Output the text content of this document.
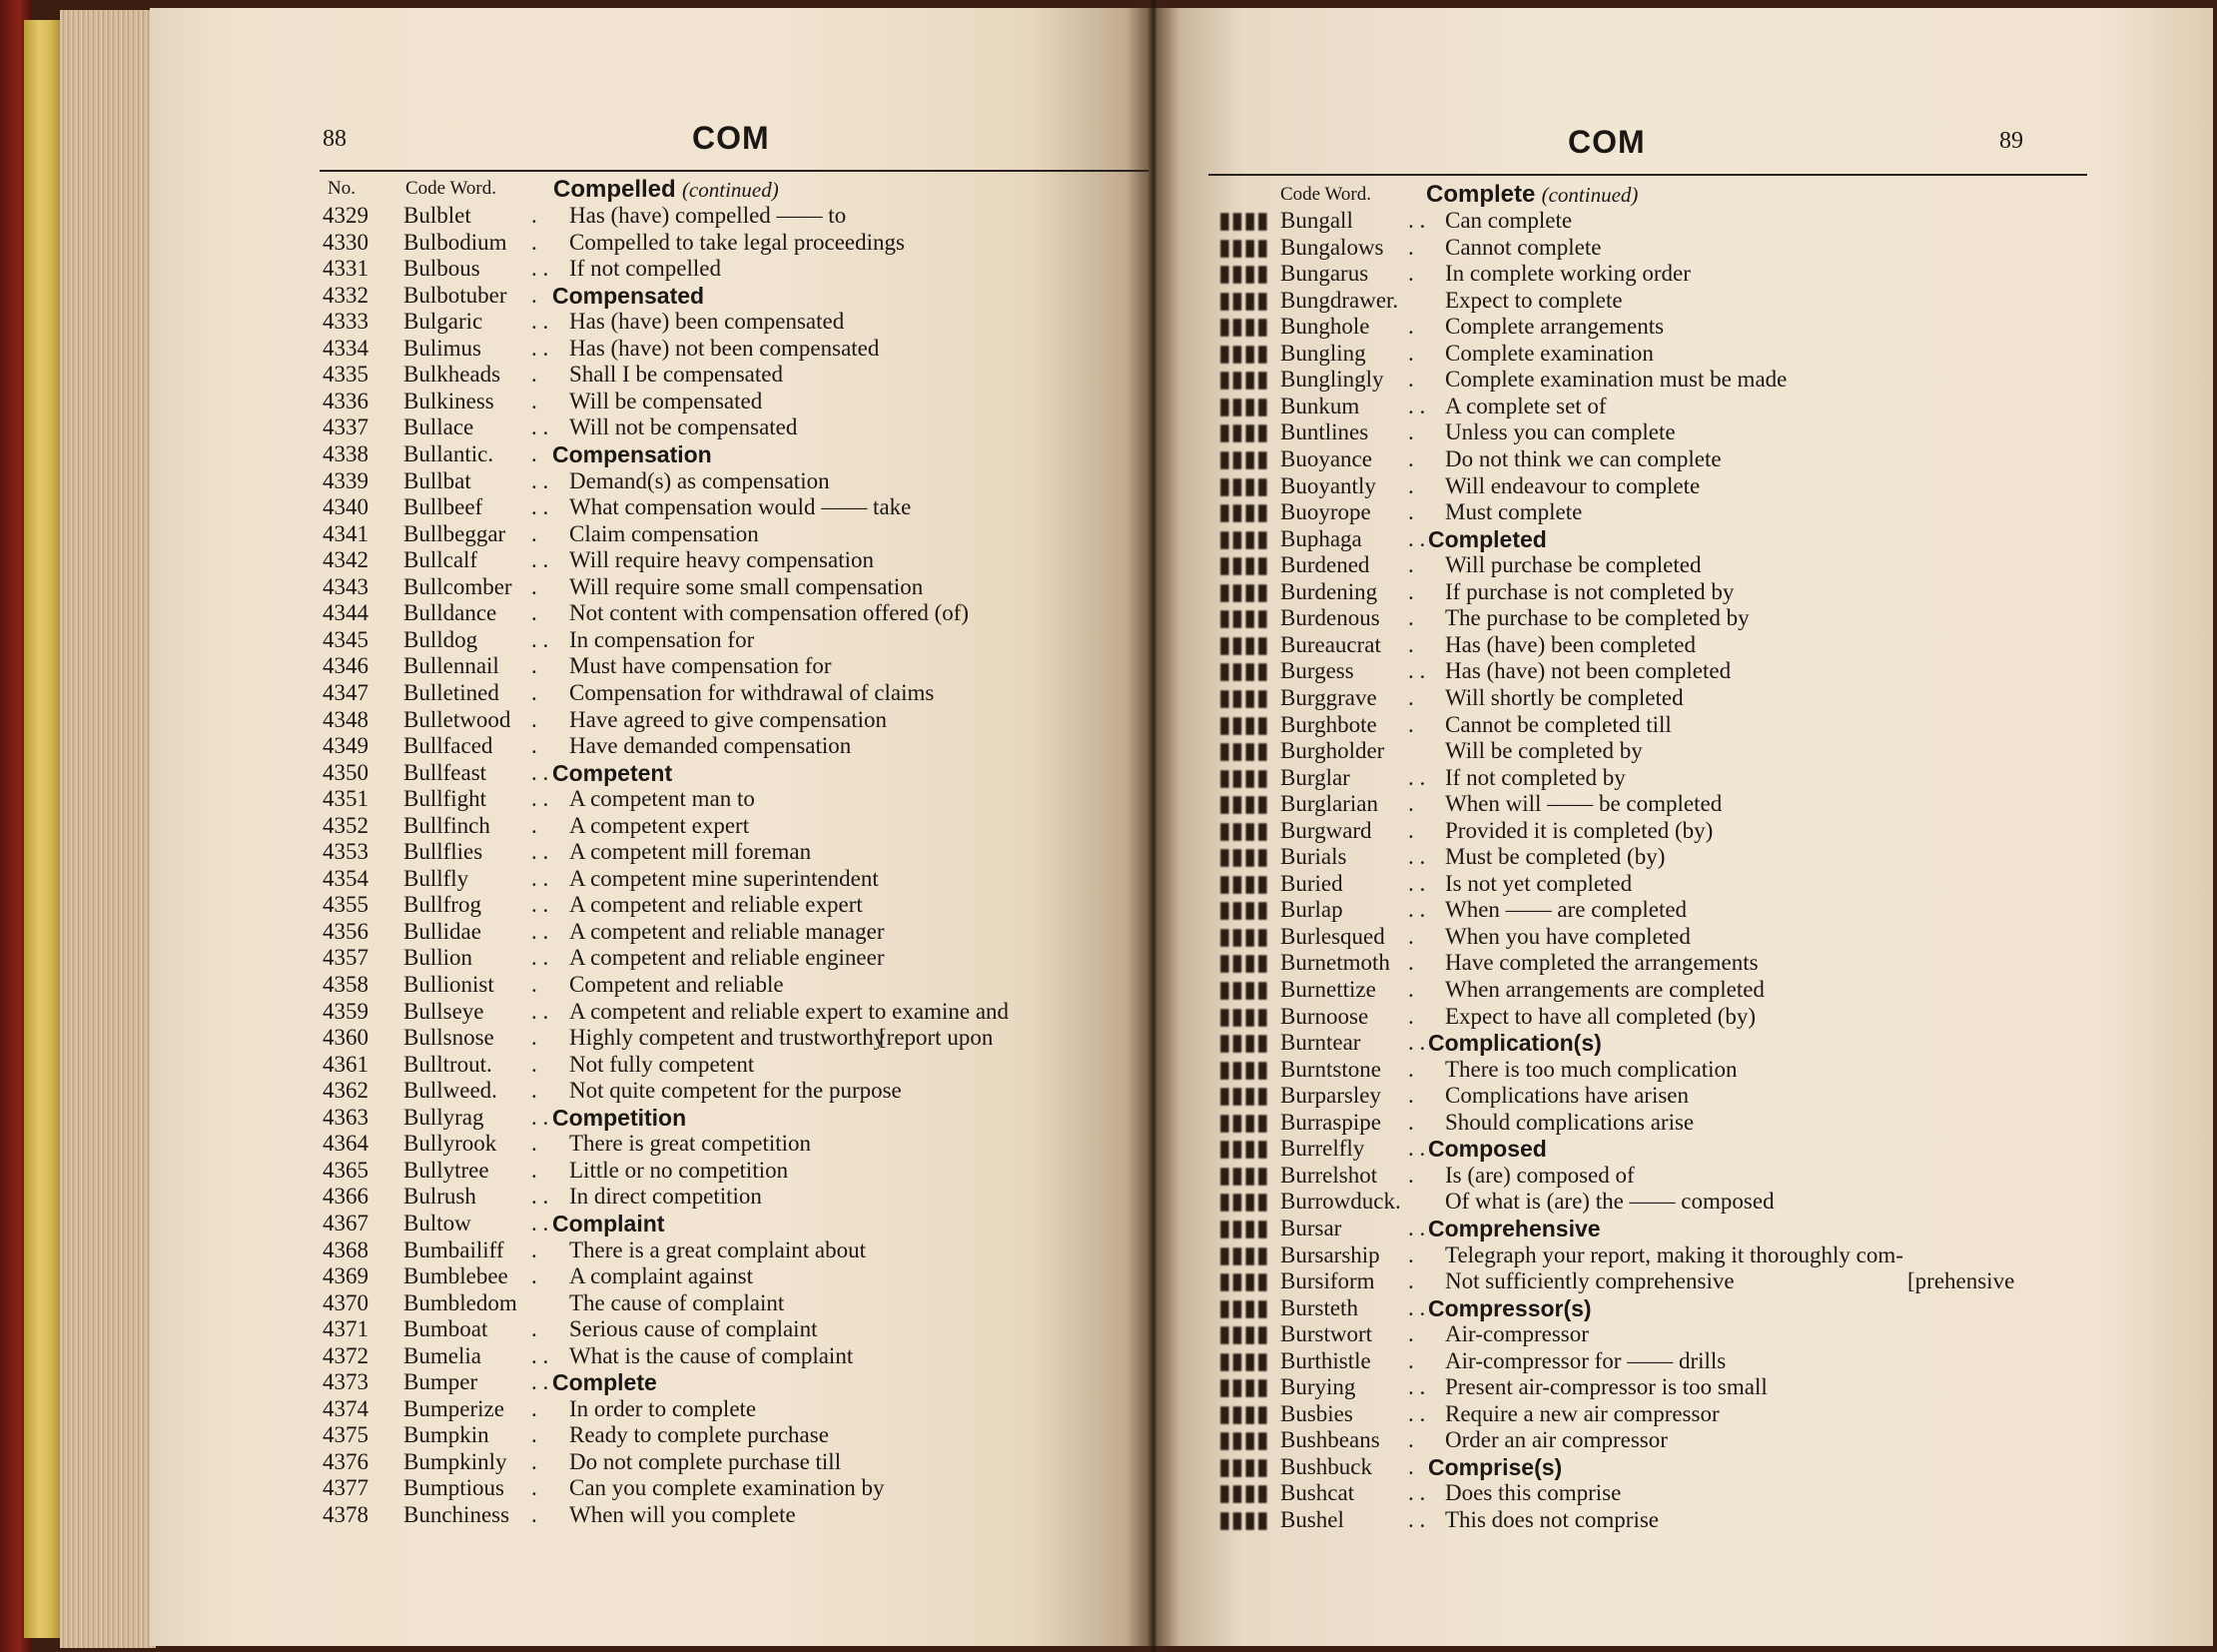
88	COM
No.	Code Word. Compelled (continued)
4329 Bulblet	. Has (have) compelled —— to
4330 Bulbodium . Compelled to take legal proceedings
4331 Bulbous . . If not compelled
4332 Bulbotuber . Compensated
4333 Bulgaric . . Has (have) been compensated
4334 Bulimus . . Has (have) not been compensated
4335 Bulkheads . Shall I be compensated
4336 Bulkiness . Will be compensated
4337 Bullace	. . Will not be compensated
4338 Bullantic. . Compensation
4339 Bullbat	. . Demand(s) as compensation
4340 Bullbeef . . What compensation would —— take
4341 Bullbeggar . Claim compensation
4342 Bullcalf . . Will require heavy compensation
4343 Bullcomber . Will require some small compensation
4344 Bulldance . Not content with compensation offered (of)
4345 Bulldog . . In compensation for
4346 Bullennail . Must have compensation for
4347 Bulletined . Compensation for withdrawal of claims
4348 Bulletwood . Have agreed to give compensation
4349 Bullfaced . Have demanded compensation
4350 Bullfeast . . Competent
4351 Bullfight . . A competent man to
4352 Bullfinch . A competent expert
4353 Bullflies . . A competent mill foreman
4354 Bullfly	. . A competent mine superintendent
4355 Bullfrog . . A competent and reliable expert
4356 Bullidae . . A competent and reliable manager
4357 Bullion	. . A competent and reliable engineer
4358 Bullionist . Competent and reliable
4359 Bullseye . . A competent and reliable expert to examine and
4360 Bullsnose . Highly competent and trustworthy
[report upon
4361 Bulltrout. . Not fully competent
4362 Bullweed. . Not quite competent for the purpose
4363 Bullyrag . . Competition
4364 Bullyrook . There is great competition
4365 Bullytree . Little or no competition
4366 Bulrush . . In direct competition
4367 Bultow	. . Complaint
4368 Bumbailiff . There is a great complaint about
4369 Bumblebee . A complaint against
4370 Bumbledom The cause of complaint
4371 Bumboat . Serious cause of complaint
4372 Bumelia . . What is the cause of complaint
4373 Bumper . . Complete
4374 Bumperize . In order to complete
4375 Bumpkin . Ready to complete purchase
4376 Bumpkinly . Do not complete purchase till
4377 Bumptious . Can you complete examination by
4378 Bunchiness . When will you complete
COM	89
Code Word. Complete (continued)
▮▮▮▮ Bungall . . Can complete
▮▮▮▮ Bungalows . Cannot complete
▮▮▮▮ Bungarus . In complete working order
▮▮▮▮ Bungdrawer. Expect to complete
▮▮▮▮ Bunghole . Complete arrangements
▮▮▮▮ Bungling . Complete examination
▮▮▮▮ Bunglingly . Complete examination must be made
▮▮▮▮ Bunkum . . A complete set of
▮▮▮▮ Buntlines . Unless you can complete
▮▮▮▮ Buoyance . Do not think we can complete
▮▮▮▮ Buoyantly . Will endeavour to complete
▮▮▮▮ Buoyrope . Must complete
▮▮▮▮ Buphaga . . Completed
▮▮▮▮ Burdened . Will purchase be completed
▮▮▮▮ Burdening . If purchase is not completed by
▮▮▮▮ Burdenous . The purchase to be completed by
▮▮▮▮ Bureaucrat . Has (have) been completed
▮▮▮▮ Burgess . . Has (have) not been completed
▮▮▮▮ Burggrave . Will shortly be completed
▮▮▮▮ Burghbote . Cannot be completed till
▮▮▮▮ Burgholder	Will be completed by
▮▮▮▮ Burglar	. . If not completed by
▮▮▮▮ Burglarian . When will —— be completed
▮▮▮▮ Burgward . Provided it is completed (by)
▮▮▮▮ Burials	. . Must be completed (by)
▮▮▮▮ Buried	. . Is not yet completed
▮▮▮▮ Burlap	. . When —— are completed
▮▮▮▮ Burlesqued . When you have completed
▮▮▮▮ Burnetmoth . Have completed the arrangements
▮▮▮▮ Burnettize . When arrangements are completed
▮▮▮▮ Burnoose . Expect to have all completed (by)
▮▮▮▮ Burntear . . Complication(s)
▮▮▮▮ Burntstone . There is too much complication
▮▮▮▮ Burparsley . Complications have arisen
▮▮▮▮ Burraspipe . Should complications arise
▮▮▮▮ Burrelfly . . Composed
▮▮▮▮ Burrelshot . Is (are) composed of
▮▮▮▮ Burrowduck. Of what is (are) the —— composed
▮▮▮▮ Bursar	. . Comprehensive
▮▮▮▮ Bursarship . Telegraph your report, making it thoroughly com-
▮▮▮▮ Bursiform . Not sufficiently comprehensive	[prehensive
▮▮▮▮ Bursteth . . Compressor(s)
▮▮▮▮ Burstwort . Air-compressor
▮▮▮▮ Burthistle . Air-compressor for —— drills
▮▮▮▮ Burying . . Present air-compressor is too small
▮▮▮▮ Busbies . . Require a new air compressor
▮▮▮▮ Bushbeans . Order an air compressor
▮▮▮▮ Bushbuck . Comprise(s)
▮▮▮▮ Bushcat . . Does this comprise
▮▮▮▮ Bushel	. . This does not comprise
